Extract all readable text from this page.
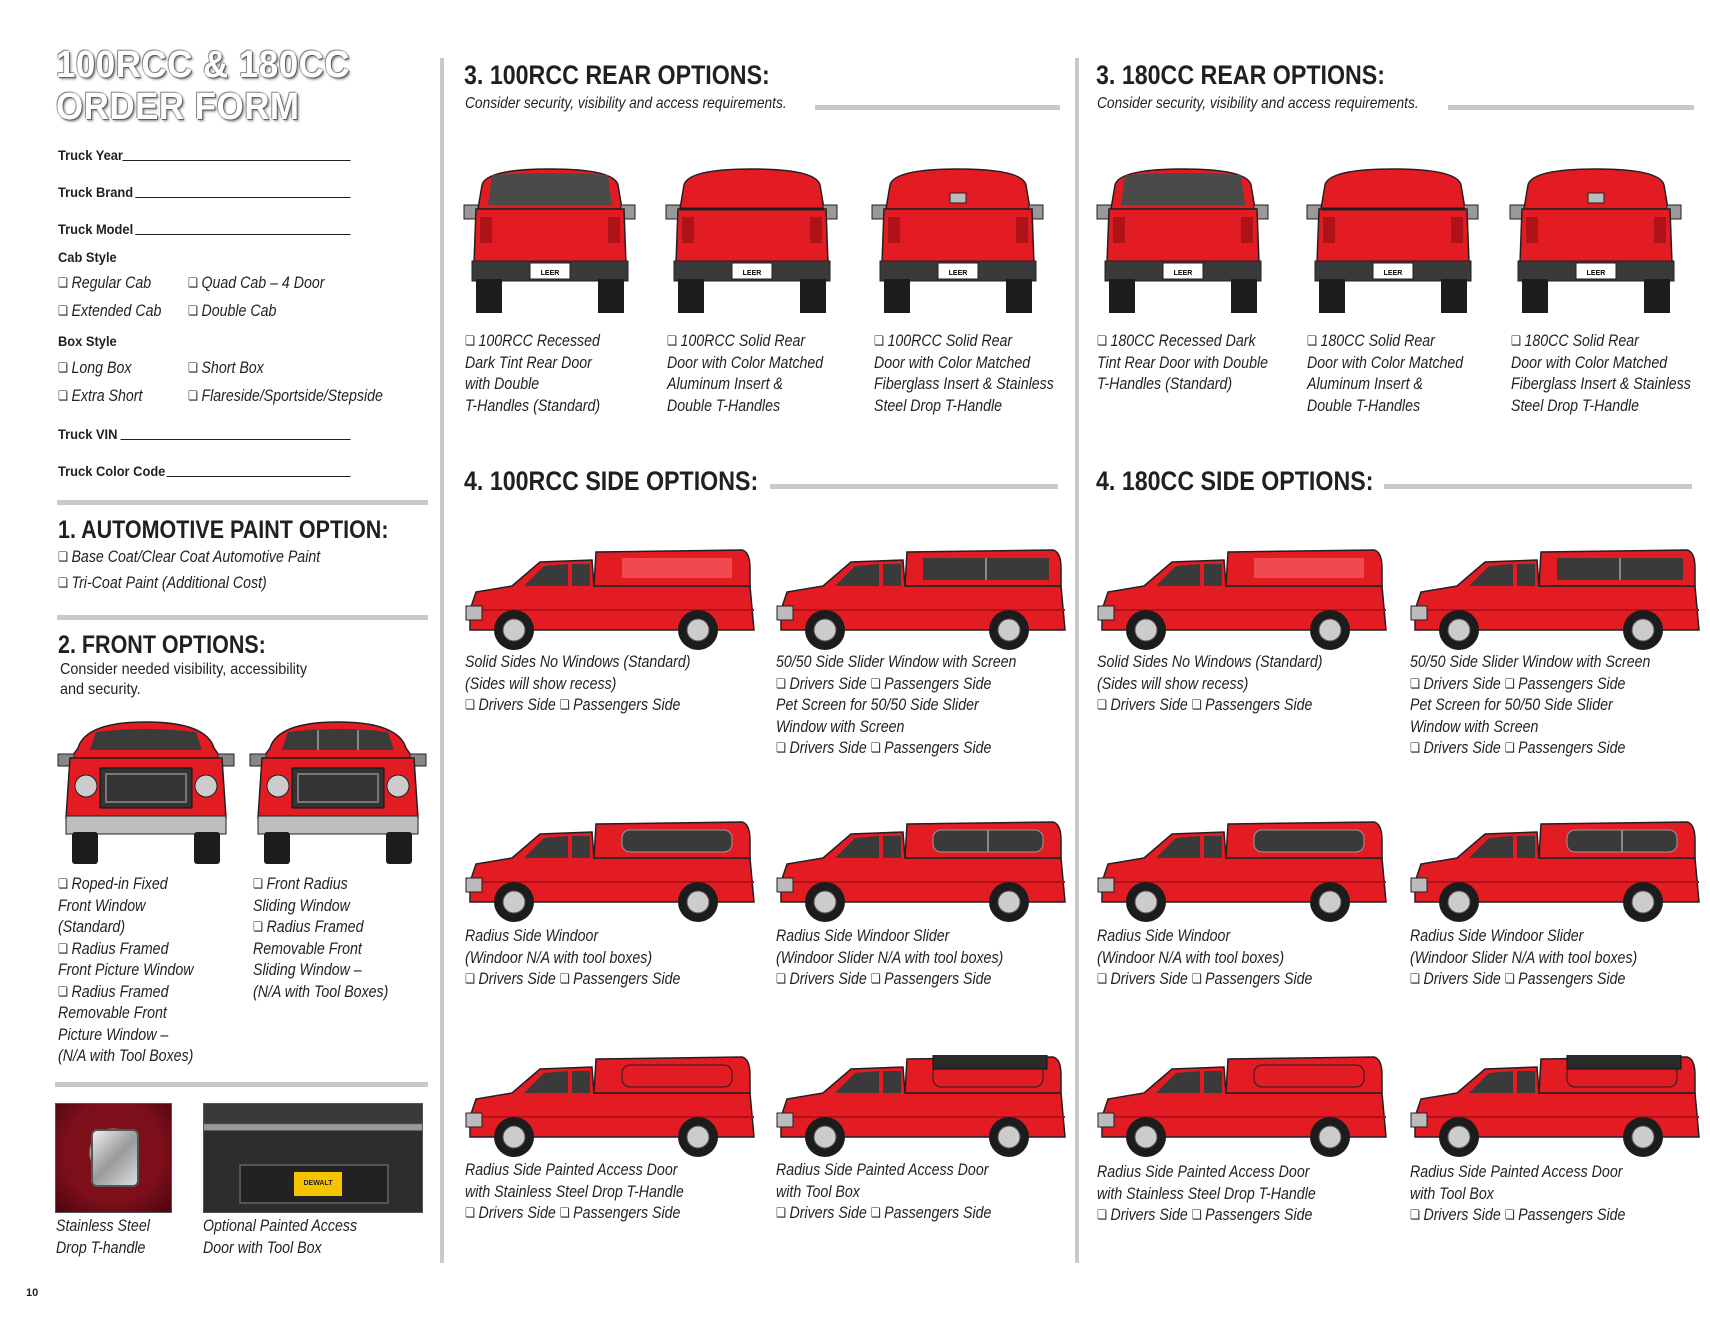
100RCC & 180CC
ORDER FORM
Truck Year
Truck Brand
Truck Model
Cab Style
❏ Regular Cab	❏ Quad Cab – 4 Door
❏ Extended Cab	❏ Double Cab
Box Style
❏ Long Box	❏ Short Box
❏ Extra Short	❏ Flareside/Sportside/Stepside
Truck VIN
Truck Color Code
1. AUTOMOTIVE PAINT OPTION:
❏ Base Coat/Clear Coat Automotive Paint
❏ Tri-Coat Paint (Additional Cost)
2. FRONT OPTIONS:
Consider needed visibility, accessibility
and security.
❏ Roped-in Fixed
Front Window
(Standard)
❏ Radius Framed
Front Picture Window
❏ Radius Framed
Removable Front
Picture Window –
(N/A with Tool Boxes)
❏ Front Radius
Sliding Window
❏ Radius Framed
Removable Front
Sliding Window –
(N/A with Tool Boxes)
DEWALT
Stainless Steel
Drop T-handle
Optional Painted Access
Door with Tool Box
10
3. 100RCC REAR OPTIONS:
Consider security, visibility and access requirements.
3. 180CC REAR OPTIONS:
Consider security, visibility and access requirements.
LEER	LEER	LEER	LEER	LEER	LEER
❏ 100RCC Recessed
Dark Tint Rear Door
with Double
T-Handles (Standard)
❏ 100RCC Solid Rear
Door with Color Matched
Aluminum Insert &
Double T-Handles
❏ 100RCC Solid Rear
Door with Color Matched
Fiberglass Insert & Stainless
Steel Drop T-Handle
❏ 180CC Recessed Dark
Tint Rear Door with Double
T-Handles (Standard)
❏ 180CC Solid Rear
Door with Color Matched
Aluminum Insert &
Double T-Handles
❏ 180CC Solid Rear
Door with Color Matched
Fiberglass Insert & Stainless
Steel Drop T-Handle
4. 100RCC SIDE OPTIONS:	4. 180CC SIDE OPTIONS:
Solid Sides No Windows (Standard)
(Sides will show recess)
❏ Drivers Side ❏ Passengers Side
50/50 Side Slider Window with Screen
❏ Drivers Side ❏ Passengers Side
Pet Screen for 50/50 Side Slider
Window with Screen
❏ Drivers Side ❏ Passengers Side
Radius Side Windoor
(Windoor N/A with tool boxes)
❏ Drivers Side ❏ Passengers Side
Radius Side Windoor Slider
(Windoor Slider N/A with tool boxes)
❏ Drivers Side ❏ Passengers Side
Radius Side Painted Access Door
with Stainless Steel Drop T-Handle
❏ Drivers Side ❏ Passengers Side
Radius Side Painted Access Door
with Tool Box
❏ Drivers Side ❏ Passengers Side
Solid Sides No Windows (Standard)
(Sides will show recess)
❏ Drivers Side ❏ Passengers Side
50/50 Side Slider Window with Screen
❏ Drivers Side ❏ Passengers Side
Pet Screen for 50/50 Side Slider
Window with Screen
❏ Drivers Side ❏ Passengers Side
Radius Side Windoor
(Windoor N/A with tool boxes)
❏ Drivers Side ❏ Passengers Side
Radius Side Windoor Slider
(Windoor Slider N/A with tool boxes)
❏ Drivers Side ❏ Passengers Side
Radius Side Painted Access Door
with Stainless Steel Drop T-Handle
❏ Drivers Side ❏ Passengers Side
Radius Side Painted Access Door
with Tool Box
❏ Drivers Side ❏ Passengers Side
